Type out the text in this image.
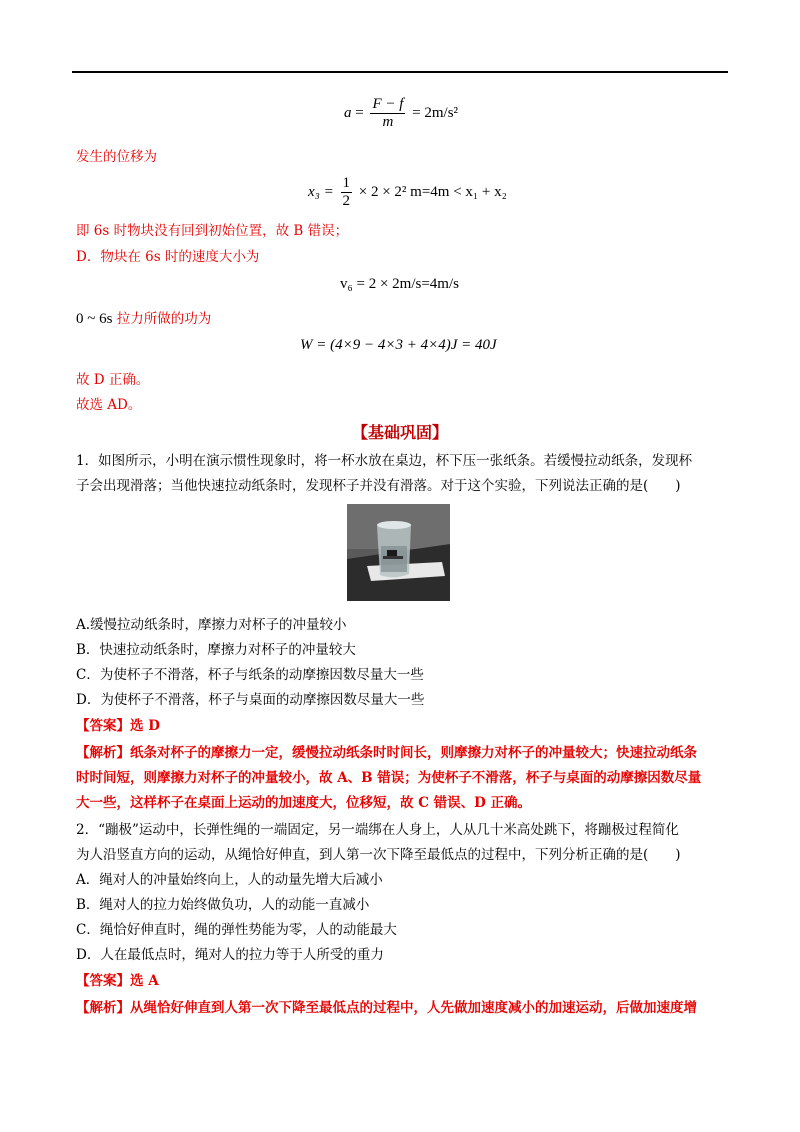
$a = \frac{F - f}{m} = 2m/s^2$
发生的位移为
$x_3 = \frac{1}{2} \times 2 \times 2^2$ m=4m < x₁ + x₂
即 6s 时物块没有回到初始位置，故 B 错误；
D．物块在 6s 时的速度大小为
v₆ = 2 × 2m/s=4m/s
0 ~ 6s 拉力所做的功为
W = (4×9 − 4×3 + 4×4)J = 40J
故 D 正确。
故选 AD。
【基础巩固】
1．如图所示，小明在演示惯性现象时，将一杯水放在桌边，杯下压一张纸条。若缓慢拉动纸条，发现杯
子会出现滑落；当他快速拉动纸条时，发现杯子并没有滑落。对于这个实验，下列说法正确的是(　　)
A.缓慢拉动纸条时，摩擦力对杯子的冲量较小
B．快速拉动纸条时，摩擦力对杯子的冲量较大
C．为使杯子不滑落，杯子与纸条的动摩擦因数尽量大一些
D．为使杯子不滑落，杯子与桌面的动摩擦因数尽量大一些
【答案】选 D
【解析】纸条对杯子的摩擦力一定，缓慢拉动纸条时时间长，则摩擦力对杯子的冲量较大；快速拉动纸条
时时间短，则摩擦力对杯子的冲量较小，故 A、B 错误；为使杯子不滑落，杯子与桌面的动摩擦因数尽量
大一些，这样杯子在桌面上运动的加速度大，位移短，故 C 错误、D 正确。
2．“蹦极”运动中，长弹性绳的一端固定，另一端绑在人身上，人从几十米高处跳下，将蹦极过程简化
为人沿竖直方向的运动，从绳恰好伸直，到人第一次下降至最低点的过程中，下列分析正确的是(　　)
A．绳对人的冲量始终向上，人的动量先增大后减小
B．绳对人的拉力始终做负功，人的动能一直减小
C．绳恰好伸直时，绳的弹性势能为零，人的动能最大
D．人在最低点时，绳对人的拉力等于人所受的重力
【答案】选 A
【解析】从绳恰好伸直到人第一次下降至最低点的过程中，人先做加速度减小的加速运动，后做加速度增
